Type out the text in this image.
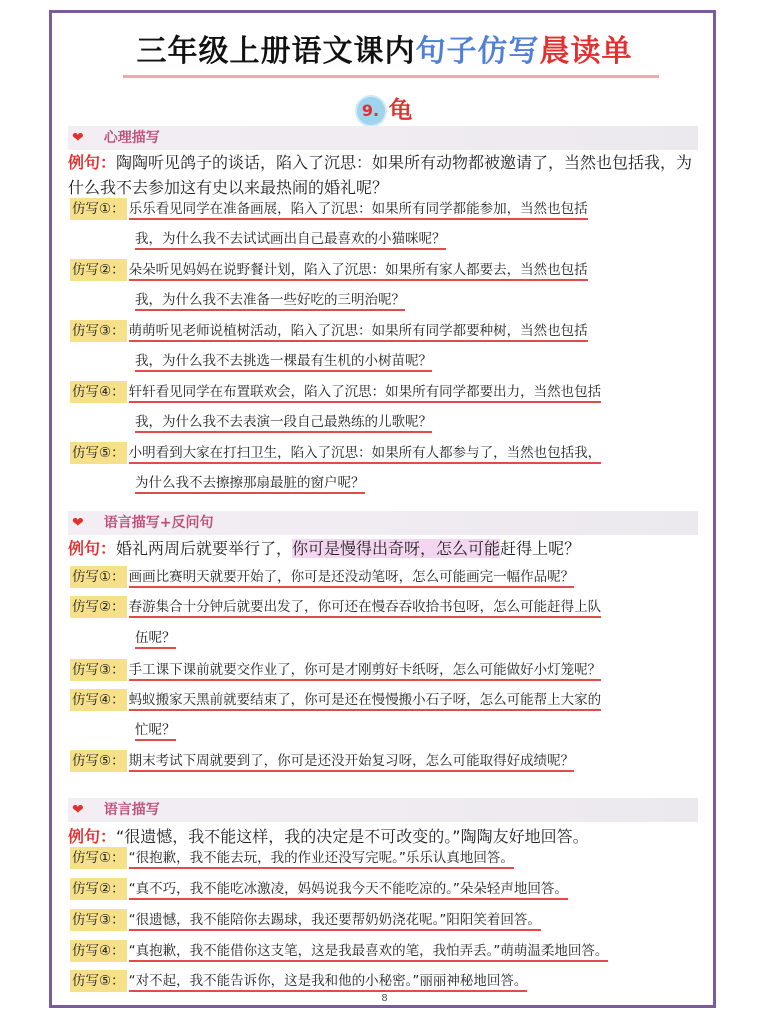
三年级上册语文课内句子仿写晨读单
9. 龟
❤ 心理描写
例句：陶陶听见鸽子的谈话，陷入了沉思：如果所有动物都被邀请了，当然也包括我，为什么我不去参加这有史以来最热闹的婚礼呢？
仿写①： 乐乐看见同学在准备画展，陷入了沉思：如果所有同学都能参加，当然也包括
我，为什么我不去试试画出自己最喜欢的小猫咪呢？
仿写②： 朵朵听见妈妈在说野餐计划，陷入了沉思：如果所有家人都要去，当然也包括
我，为什么我不去准备一些好吃的三明治呢？
仿写③： 萌萌听见老师说植树活动，陷入了沉思：如果所有同学都要种树，当然也包括
我，为什么我不去挑选一棵最有生机的小树苗呢？
仿写④： 轩轩看见同学在布置联欢会，陷入了沉思：如果所有同学都要出力，当然也包括
我，为什么我不去表演一段自己最熟练的儿歌呢？
仿写⑤： 小明看到大家在打扫卫生，陷入了沉思：如果所有人都参与了，当然也包括我，
为什么我不去擦擦那扇最脏的窗户呢？
❤ 语言描写+反问句
例句：婚礼两周后就要举行了，你可是慢得出奇呀，怎么可能赶得上呢？
仿写①： 画画比赛明天就要开始了，你可是还没动笔呀，怎么可能画完一幅作品呢？
仿写②： 春游集合十分钟后就要出发了，你可还在慢吞吞收拾书包呀，怎么可能赶得上队
伍呢？
仿写③： 手工课下课前就要交作业了，你可是才刚剪好卡纸呀，怎么可能做好小灯笼呢？
仿写④： 蚂蚁搬家天黑前就要结束了，你可是还在慢慢搬小石子呀，怎么可能帮上大家的
忙呢？
仿写⑤： 期末考试下周就要到了，你可是还没开始复习呀，怎么可能取得好成绩呢？
❤ 语言描写
例句：“很遗憾，我不能这样，我的决定是不可改变的。”陶陶友好地回答。
仿写①： “很抱歉，我不能去玩，我的作业还没写完呢。”乐乐认真地回答。
仿写②： “真不巧，我不能吃冰激凌，妈妈说我今天不能吃凉的。”朵朵轻声地回答。
仿写③： “很遗憾，我不能陪你去踢球，我还要帮奶奶浇花呢。”阳阳笑着回答。
仿写④： “真抱歉，我不能借你这支笔，这是我最喜欢的笔，我怕弄丢。”萌萌温柔地回答。
仿写⑤： “对不起，我不能告诉你，这是我和他的小秘密。”丽丽神秘地回答。
8
